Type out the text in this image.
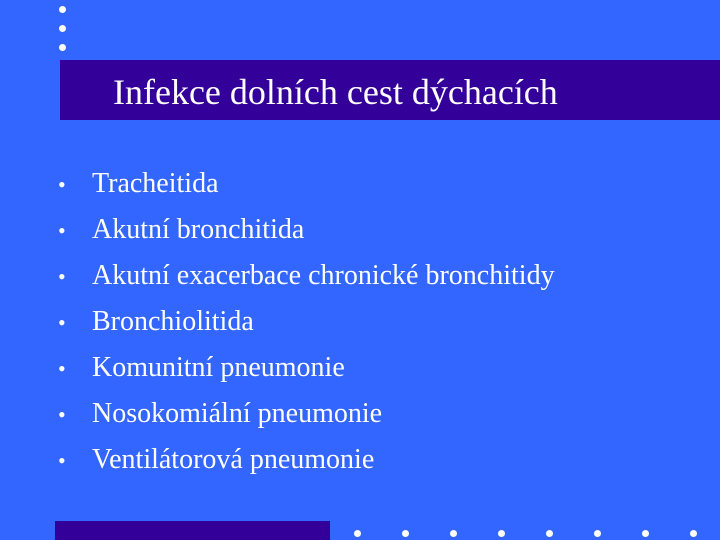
Infekce dolních cest dýchacích
• Tracheitida
• Akutní bronchitida
• Akutní exacerbace chronické bronchitidy
• Bronchiolitida
• Komunitní pneumonie
• Nosokomiální pneumonie
• Ventilátorová pneumonie
